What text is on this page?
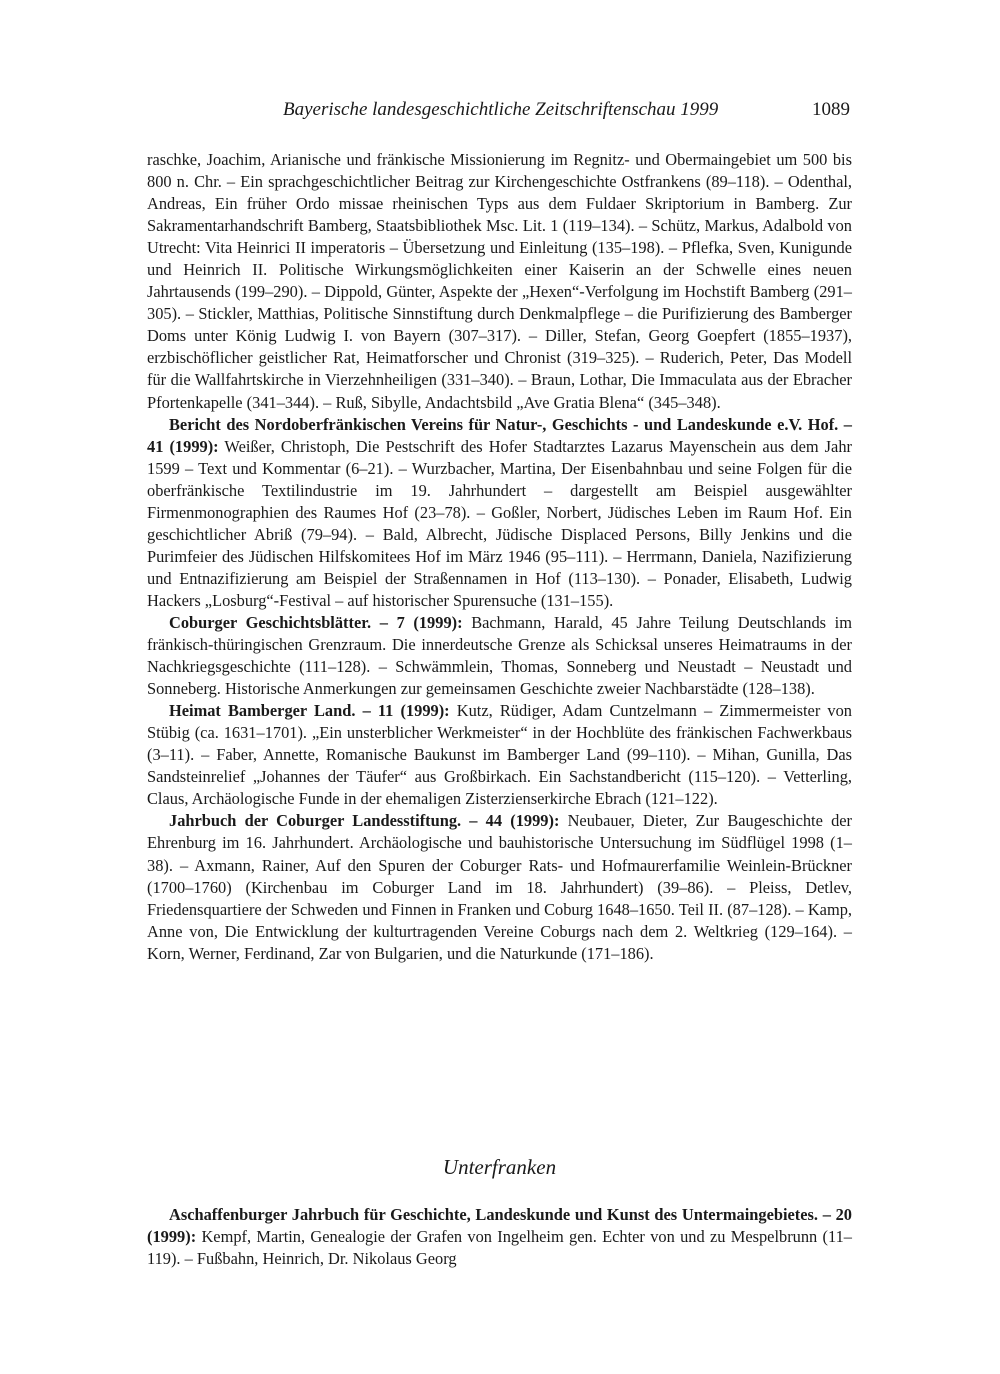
Bayerische landesgeschichtliche Zeitschriftenschau 1999	1089

raschke, Joachim, Arianische und fränkische Missionierung im Regnitz- und Obermaingebiet um 500 bis 800 n. Chr. – Ein sprachgeschichtlicher Beitrag zur Kirchengeschichte Ostfrankens (89–118). – Odenthal, Andreas, Ein früher Ordo missae rheinischen Typs aus dem Fuldaer Skriptorium in Bamberg. Zur Sakramentarhandschrift Bamberg, Staatsbibliothek Msc. Lit. 1 (119–134). – Schütz, Markus, Adalbold von Utrecht: Vita Heinrici II imperatoris – Übersetzung und Einleitung (135–198). – Pflefka, Sven, Kunigunde und Heinrich II. Politische Wirkungsmöglichkeiten einer Kaiserin an der Schwelle eines neuen Jahrtausends (199–290). – Dippold, Günter, Aspekte der „Hexen“-Verfolgung im Hochstift Bamberg (291–305). – Stickler, Matthias, Politische Sinnstiftung durch Denkmalpflege – die Purifizierung des Bamberger Doms unter König Ludwig I. von Bayern (307–317). – Diller, Stefan, Georg Goepfert (1855–1937), erzbischöflicher geistlicher Rat, Heimatforscher und Chronist (319–325). – Ruderich, Peter, Das Modell für die Wallfahrtskirche in Vierzehnheiligen (331–340). – Braun, Lothar, Die Immaculata aus der Ebracher Pfortenkapelle (341–344). – Ruß, Sibylle, Andachtsbild „Ave Gratia Blena“ (345–348).

Bericht des Nordoberfränkischen Vereins für Natur-, Geschichts - und Landeskunde e.V. Hof. – 41 (1999): Weißer, Christoph, Die Pestschrift des Hofer Stadtarztes Lazarus Mayenschein aus dem Jahr 1599 – Text und Kommentar (6–21). – Wurzbacher, Martina, Der Eisenbahnbau und seine Folgen für die oberfränkische Textilindustrie im 19. Jahrhundert – dargestellt am Beispiel ausgewählter Firmenmonographien des Raumes Hof (23–78). – Goßler, Norbert, Jüdisches Leben im Raum Hof. Ein geschichtlicher Abriß (79–94). – Bald, Albrecht, Jüdische Displaced Persons, Billy Jenkins und die Purimfeier des Jüdischen Hilfskomitees Hof im März 1946 (95–111). – Herrmann, Daniela, Nazifizierung und Entnazifizierung am Beispiel der Straßennamen in Hof (113–130). – Ponader, Elisabeth, Ludwig Hackers „Losburg“-Festival – auf historischer Spurensuche (131–155).

Coburger Geschichtsblätter. – 7 (1999): Bachmann, Harald, 45 Jahre Teilung Deutschlands im fränkisch-thüringischen Grenzraum. Die innerdeutsche Grenze als Schicksal unseres Heimatraums in der Nachkriegsgeschichte (111–128). – Schwämmlein, Thomas, Sonneberg und Neustadt – Neustadt und Sonneberg. Historische Anmerkungen zur gemeinsamen Geschichte zweier Nachbarstädte (128–138).

Heimat Bamberger Land. – 11 (1999): Kutz, Rüdiger, Adam Cuntzelmann – Zimmermeister von Stübig (ca. 1631–1701). „Ein unsterblicher Werkmeister“ in der Hochblüte des fränkischen Fachwerkbaus (3–11). – Faber, Annette, Romanische Baukunst im Bamberger Land (99–110). – Mihan, Gunilla, Das Sandsteinrelief „Johannes der Täufer“ aus Großbirkach. Ein Sachstandbericht (115–120). – Vetterling, Claus, Archäologische Funde in der ehemaligen Zisterzienserkirche Ebrach (121–122).

Jahrbuch der Coburger Landesstiftung. – 44 (1999): Neubauer, Dieter, Zur Baugeschichte der Ehrenburg im 16. Jahrhundert. Archäologische und bauhistorische Untersuchung im Südflügel 1998 (1–38). – Axmann, Rainer, Auf den Spuren der Coburger Rats- und Hofmaurerfamilie Weinlein-Brückner (1700–1760) (Kirchenbau im Coburger Land im 18. Jahrhundert) (39–86). – Pleiss, Detlev, Friedensquartiere der Schweden und Finnen in Franken und Coburg 1648–1650. Teil II. (87–128). – Kamp, Anne von, Die Entwicklung der kulturtragenden Vereine Coburgs nach dem 2. Weltkrieg (129–164). – Korn, Werner, Ferdinand, Zar von Bulgarien, und die Naturkunde (171–186).

Unterfranken

Aschaffenburger Jahrbuch für Geschichte, Landeskunde und Kunst des Untermaingebietes. – 20 (1999): Kempf, Martin, Genealogie der Grafen von Ingelheim gen. Echter von und zu Mespelbrunn (11–119). – Fußbahn, Heinrich, Dr. Nikolaus Georg
